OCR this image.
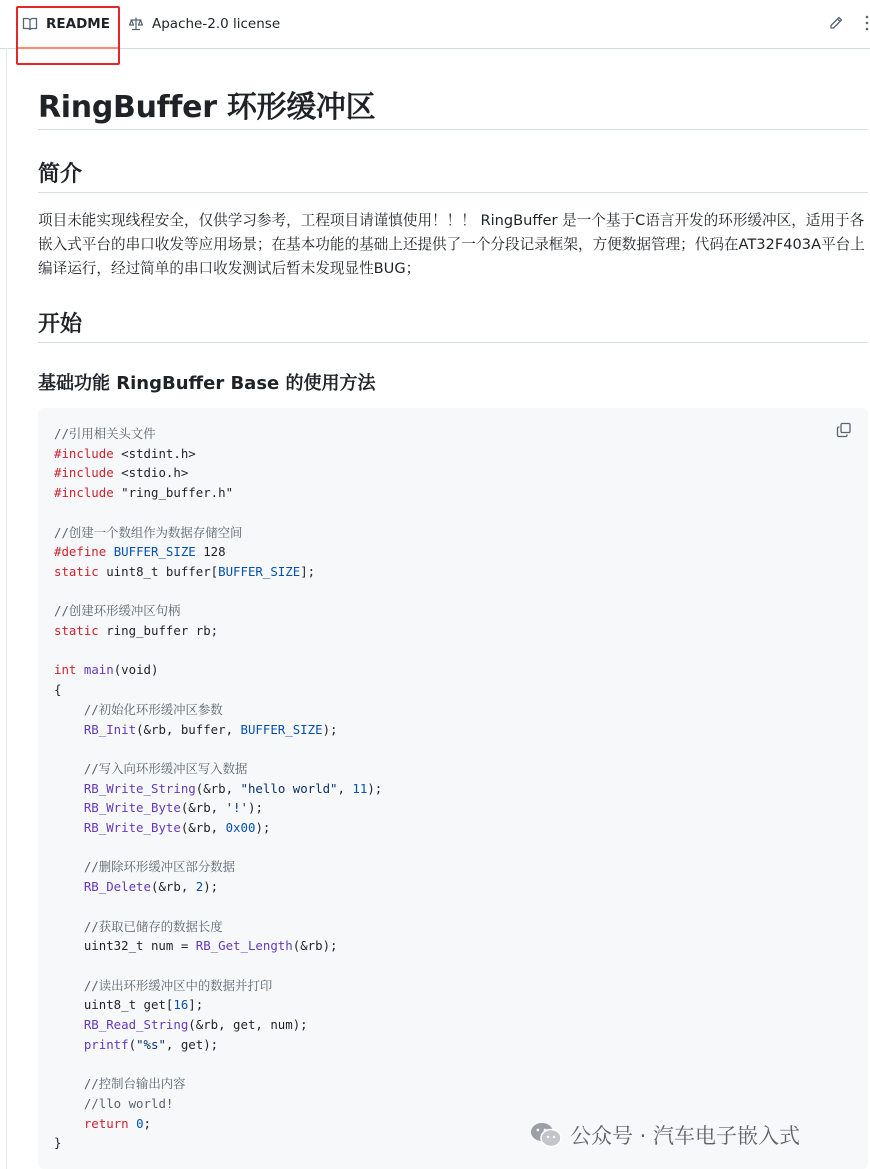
README	Apache-2.0 license
RingBuffer 环形缓冲区
简介

项目未能实现线程安全，仅供学习参考，工程项目请谨慎使用！！！ RingBuffer 是一个基于C语言开发的环形缓冲区，适用于各嵌入式平台的串口收发等应用场景；在基本功能的基础上还提供了一个分段记录框架，方便数据管理；代码在AT32F403A平台上编译运行，经过简单的串口收发测试后暂未发现显性BUG；

开始
基础功能 RingBuffer Base 的使用方法
//引用相关头文件
#include <stdint.h>
#include <stdio.h>
#include "ring_buffer.h"

//创建一个数组作为数据存储空间
#define BUFFER_SIZE 128
static uint8_t buffer[BUFFER_SIZE];

//创建环形缓冲区句柄
static ring_buffer rb;

int main(void)
{
//初始化环形缓冲区参数
RB_Init(&rb, buffer, BUFFER_SIZE);

//写入向环形缓冲区写入数据
RB_Write_String(&rb, "hello world", 11);
RB_Write_Byte(&rb, '!');
RB_Write_Byte(&rb, 0x00);

//删除环形缓冲区部分数据
RB_Delete(&rb, 2);

//获取已储存的数据长度
uint32_t num = RB_Get_Length(&rb);

//读出环形缓冲区中的数据并打印
uint8_t get[16];
RB_Read_String(&rb, get, num);
printf("%s", get);

//控制台输出内容
//llo world!
return 0;
}	公众号 · 汽车电子嵌入式
